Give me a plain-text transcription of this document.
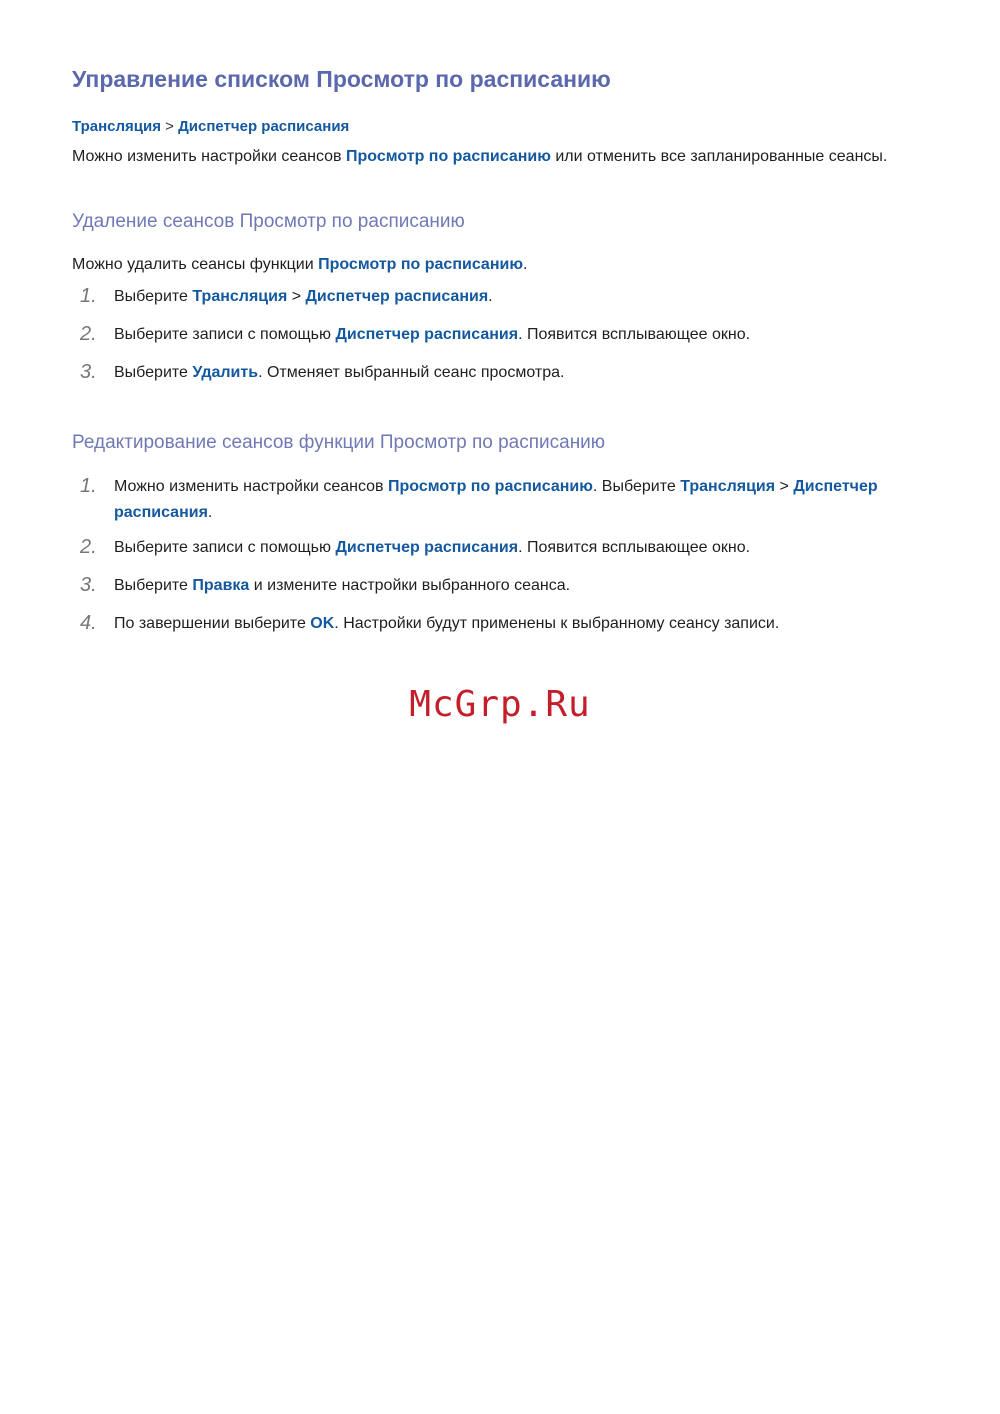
Управление списком Просмотр по расписанию
Трансляция > Диспетчер расписания
Можно изменить настройки сеансов Просмотр по расписанию или отменить все запланированные сеансы.
Удаление сеансов Просмотр по расписанию
Можно удалить сеансы функции Просмотр по расписанию.
1. Выберите Трансляция > Диспетчер расписания.
2. Выберите записи с помощью Диспетчер расписания. Появится всплывающее окно.
3. Выберите Удалить. Отменяет выбранный сеанс просмотра.
Редактирование сеансов функции Просмотр по расписанию
1. Можно изменить настройки сеансов Просмотр по расписанию. Выберите Трансляция > Диспетчер расписания.
2. Выберите записи с помощью Диспетчер расписания. Появится всплывающее окно.
3. Выберите Правка и измените настройки выбранного сеанса.
4. По завершении выберите OK. Настройки будут применены к выбранному сеансу записи.
McGrp.Ru
